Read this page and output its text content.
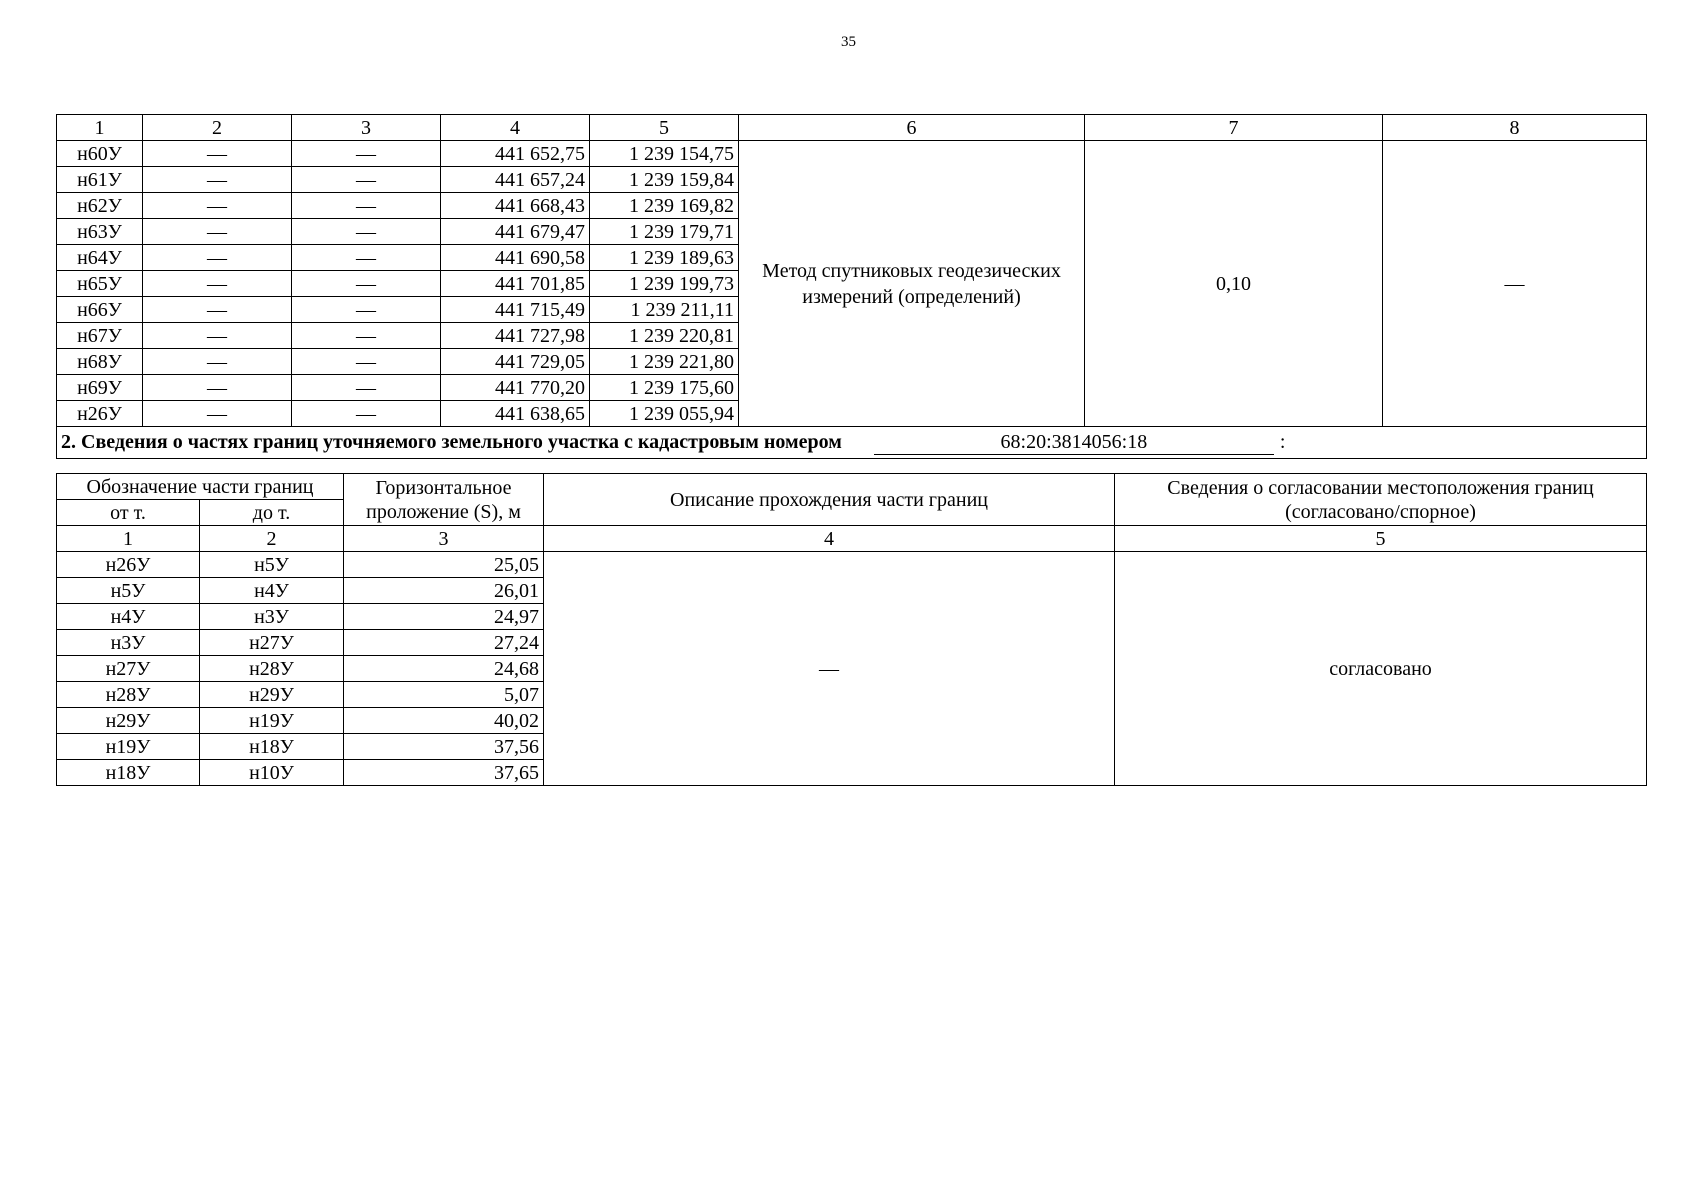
35
1	2	3	4	5	6	7	8
н60У	—	—	441 652,75	1 239 154,75	Метод спутниковых геодезических измерений (определений)	0,10	—
н61У	—	—	441 657,24	1 239 159,84			
н62У	—	—	441 668,43	1 239 169,82			
н63У	—	—	441 679,47	1 239 179,71			
н64У	—	—	441 690,58	1 239 189,63			
н65У	—	—	441 701,85	1 239 199,73			
н66У	—	—	441 715,49	1 239 211,11			
н67У	—	—	441 727,98	1 239 220,81			
н68У	—	—	441 729,05	1 239 221,80			
н69У	—	—	441 770,20	1 239 175,60			
н26У	—	—	441 638,65	1 239 055,94			
2. Сведения о частях границ уточняемого земельного участка с кадастровым номером 68:20:3814056:18 :							
Обозначение части границ		Горизонтальное проложение (S), м	Описание прохождения части границ	Сведения о согласовании местоположения границ (согласовано/спорное)
от т.	до т.			
1	2	3	4	5
н26У	н5У	25,05	—	согласовано
н5У	н4У	26,01		
н4У	н3У	24,97		
н3У	н27У	27,24		
н27У	н28У	24,68		
н28У	н29У	5,07		
н29У	н19У	40,02		
н19У	н18У	37,56		
н18У	н10У	37,65		
